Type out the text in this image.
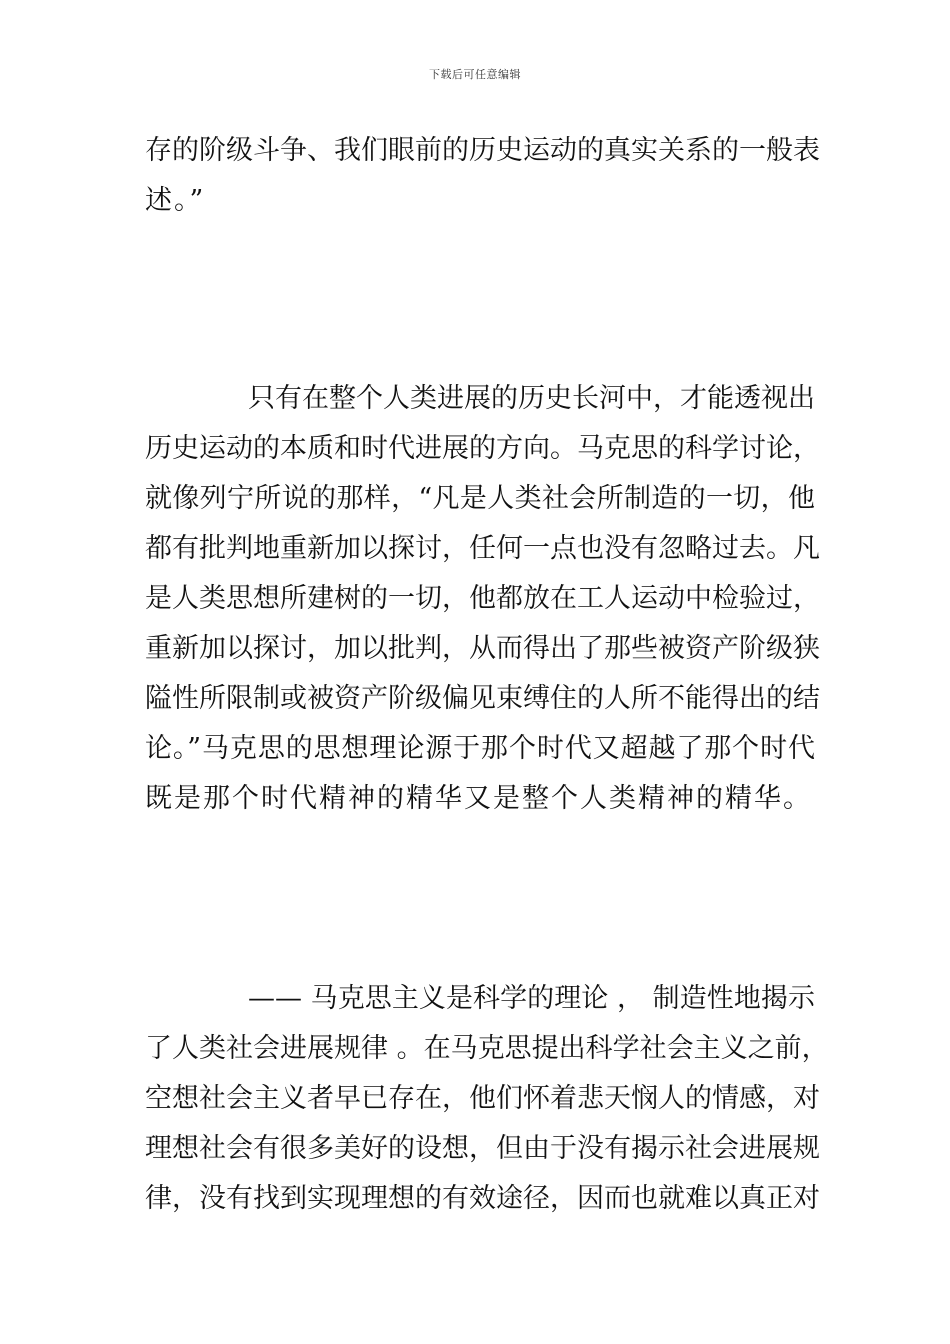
下载后可任意编辑
存的阶级斗争、我们眼前的历史运动的真实关系的一般表
述。”
只有在整个人类进展的历史长河中，才能透视出
历史运动的本质和时代进展的方向。马克思的科学讨论，
就像列宁所说的那样，“凡是人类社会所制造的一切，他
都有批判地重新加以探讨，任何一点也没有忽略过去。凡
是人类思想所建树的一切，他都放在工人运动中检验过，
重新加以探讨，加以批判，从而得出了那些被资产阶级狭
隘性所限制或被资产阶级偏见束缚住的人所不能得出的结
论。”马克思的思想理论源于那个时代又超越了那个时代
既是那个时代精神的精华又是整个人类精神的精华。
—— 马克思主义是科学的理论 ， 制造性地揭示
了人类社会进展规律 。在马克思提出科学社会主义之前，
空想社会主义者早已存在，他们怀着悲天悯人的情感，对
理想社会有很多美好的设想，但由于没有揭示社会进展规
律，没有找到实现理想的有效途径，因而也就难以真正对
